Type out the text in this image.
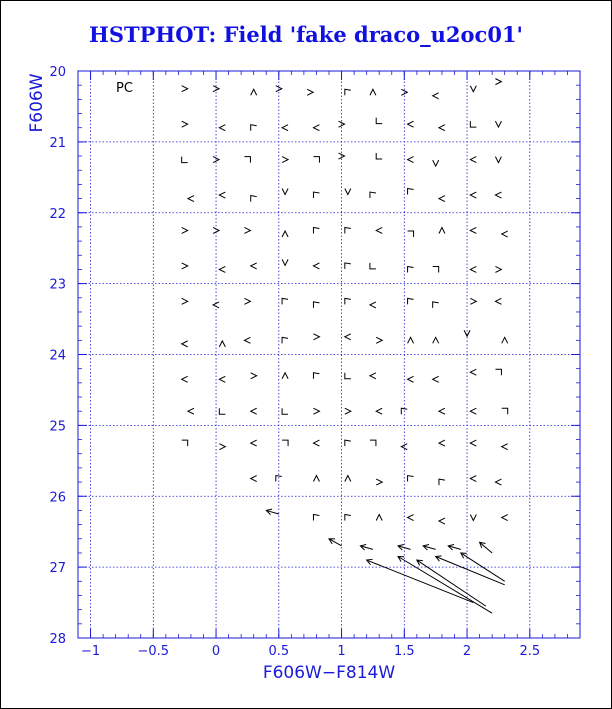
HSTPHOT: Field 'fake draco_u2oc01'
−1	−0.5	0	0.5	1	1.5	2	2.5
20
21
22
23
24
25
26
27
28
F606W−F814W
F606W	PC
